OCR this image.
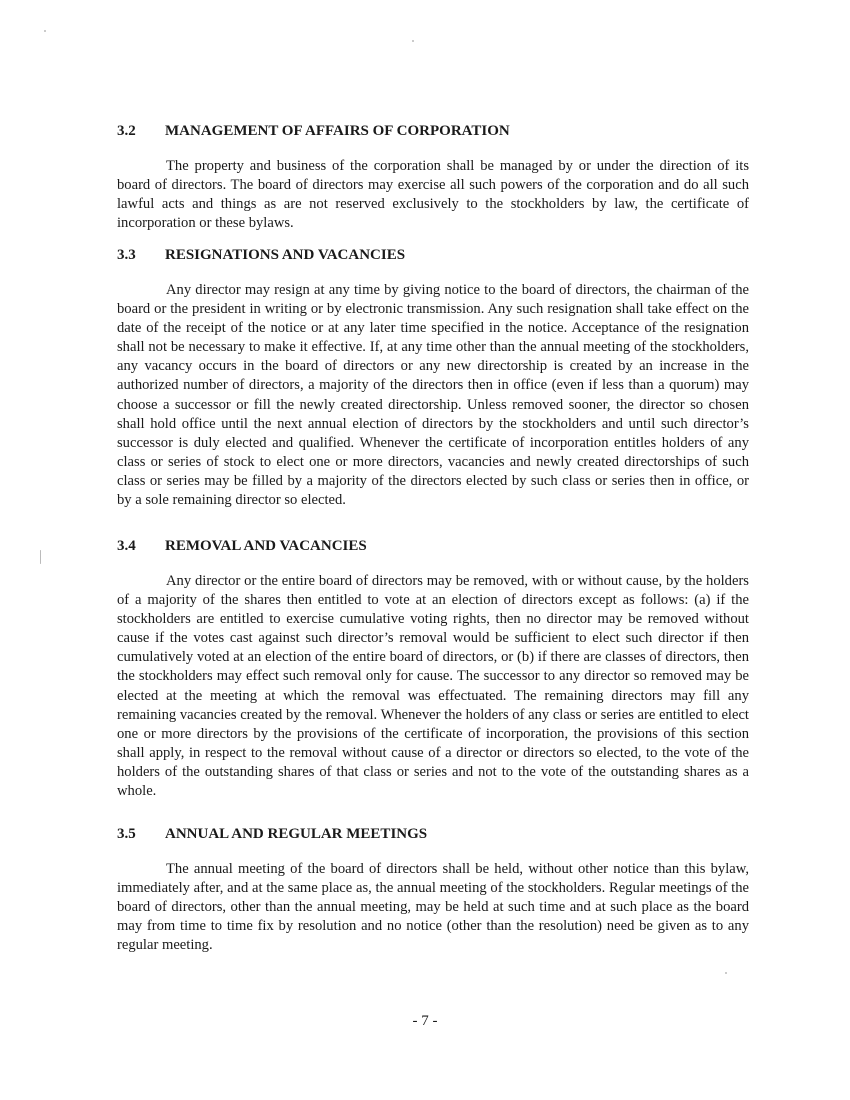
3.2 MANAGEMENT OF AFFAIRS OF CORPORATION
The property and business of the corporation shall be managed by or under the direction of its board of directors. The board of directors may exercise all such powers of the corporation and do all such lawful acts and things as are not reserved exclusively to the stockholders by law, the certificate of incorporation or these bylaws.
3.3 RESIGNATIONS AND VACANCIES
Any director may resign at any time by giving notice to the board of directors, the chairman of the board or the president in writing or by electronic transmission. Any such resignation shall take effect on the date of the receipt of the notice or at any later time specified in the notice. Acceptance of the resignation shall not be necessary to make it effective. If, at any time other than the annual meeting of the stockholders, any vacancy occurs in the board of directors or any new directorship is created by an increase in the authorized number of directors, a majority of the directors then in office (even if less than a quorum) may choose a successor or fill the newly created directorship. Unless removed sooner, the director so chosen shall hold office until the next annual election of directors by the stockholders and until such director’s successor is duly elected and qualified. Whenever the certificate of incorporation entitles holders of any class or series of stock to elect one or more directors, vacancies and newly created directorships of such class or series may be filled by a majority of the directors elected by such class or series then in office, or by a sole remaining director so elected.
3.4 REMOVAL AND VACANCIES
Any director or the entire board of directors may be removed, with or without cause, by the holders of a majority of the shares then entitled to vote at an election of directors except as follows: (a) if the stockholders are entitled to exercise cumulative voting rights, then no director may be removed without cause if the votes cast against such director’s removal would be sufficient to elect such director if then cumulatively voted at an election of the entire board of directors, or (b) if there are classes of directors, then the stockholders may effect such removal only for cause. The successor to any director so removed may be elected at the meeting at which the removal was effectuated. The remaining directors may fill any remaining vacancies created by the removal. Whenever the holders of any class or series are entitled to elect one or more directors by the provisions of the certificate of incorporation, the provisions of this section shall apply, in respect to the removal without cause of a director or directors so elected, to the vote of the holders of the outstanding shares of that class or series and not to the vote of the outstanding shares as a whole.
3.5 ANNUAL AND REGULAR MEETINGS
The annual meeting of the board of directors shall be held, without other notice than this bylaw, immediately after, and at the same place as, the annual meeting of the stockholders. Regular meetings of the board of directors, other than the annual meeting, may be held at such time and at such place as the board may from time to time fix by resolution and no notice (other than the resolution) need be given as to any regular meeting.
- 7 -
